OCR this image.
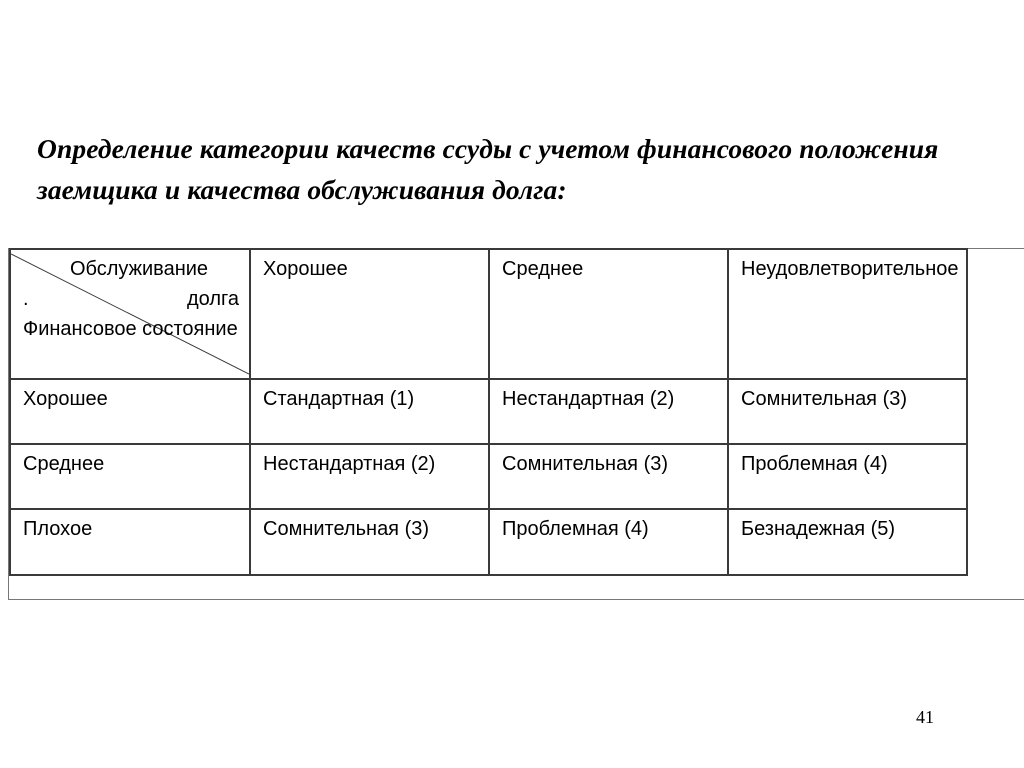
Определение категории качеств ссуды с учетом финансового положения заемщика и качества обслуживания долга:
Обслуживание
. долга
Финансовое состояние	Хорошее	Среднее	Неудовлетворительное
Хорошее	Стандартная (1)	Нестандартная (2)	Сомнительная (3)
Среднее	Нестандартная (2)	Сомнительная (3)	Проблемная (4)
Плохое	Сомнительная (3)	Проблемная (4)	Безнадежная (5)
41
